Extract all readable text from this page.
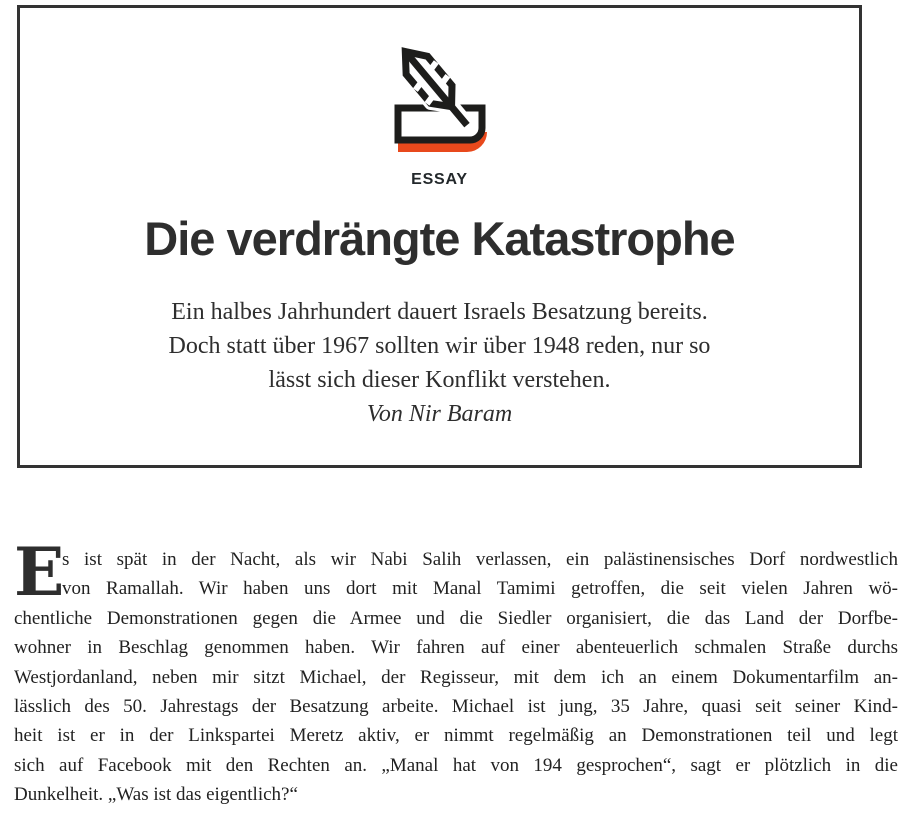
ESSAY
Die verdrängte Katastrophe
Ein halbes Jahrhundert dauert Israels Besatzung bereits.
Doch statt über 1967 sollten wir über 1948 reden, nur so
lässt sich dieser Konflikt verstehen.
Von Nir Baram
E
s ist spät in der Nacht, als wir Nabi Salih verlassen, ein palästinensisches Dorf nordwestlich
von Ramallah. Wir haben uns dort mit Manal Tamimi getroffen, die seit vielen Jahren wö-
chentliche Demonstrationen gegen die Armee und die Siedler organisiert, die das Land der Dorfbe-
wohner in Beschlag genommen haben. Wir fahren auf einer abenteuerlich schmalen Straße durchs
Westjordanland, neben mir sitzt Michael, der Regisseur, mit dem ich an einem Dokumentarfilm an-
lässlich des 50. Jahrestags der Besatzung arbeite. Michael ist jung, 35 Jahre, quasi seit seiner Kind-
heit ist er in der Linkspartei Meretz aktiv, er nimmt regelmäßig an Demonstrationen teil und legt
sich auf Facebook mit den Rechten an. „Manal hat von 194 gesprochen“, sagt er plötzlich in die
Dunkelheit. „Was ist das eigentlich?“
